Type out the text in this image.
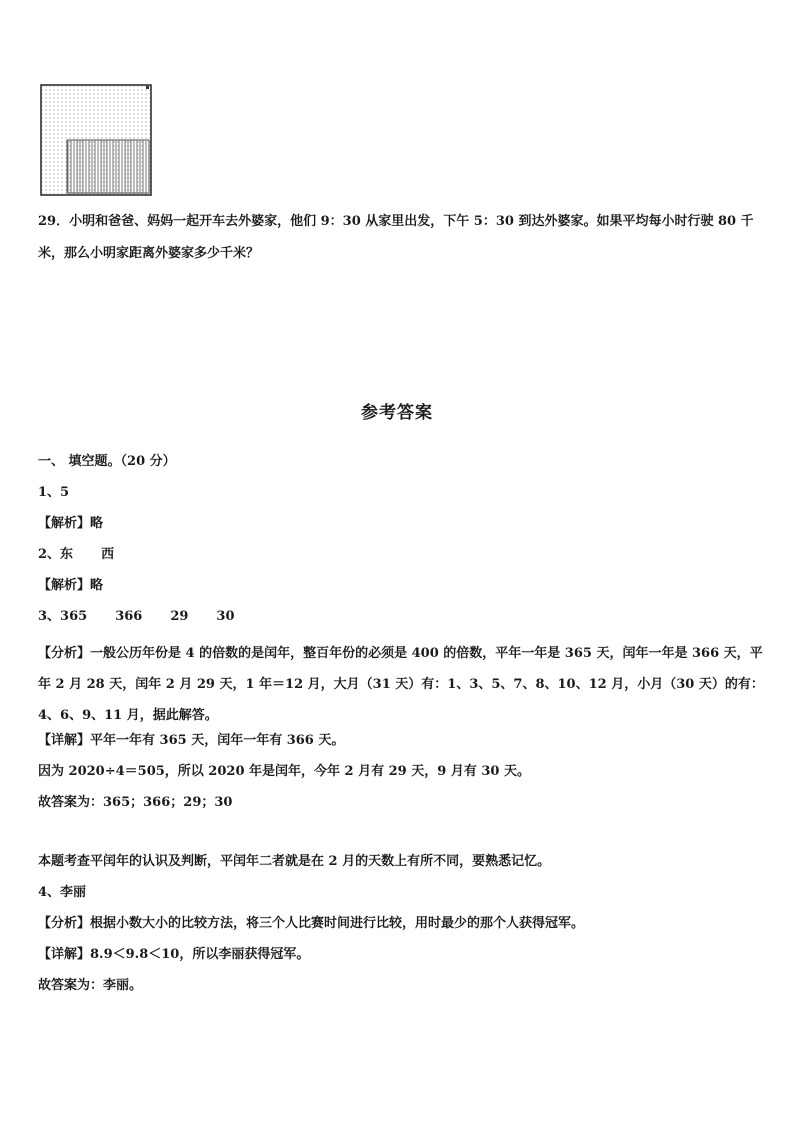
29．小明和爸爸、妈妈一起开车去外婆家，他们 9：30 从家里出发，下午 5：30 到达外婆家。如果平均每小时行驶 80 千米，那么小明家距离外婆家多少千米？
参考答案
一、 填空题。（20 分）
1、5
【解析】略
2、东 西
【解析】略
3、365 366 29 30
【分析】一般公历年份是 4 的倍数的是闰年，整百年份的必须是 400 的倍数，平年一年是 365 天，闰年一年是 366 天，平年 2 月 28 天，闰年 2 月 29 天，1 年＝12 月，大月（31 天）有：1、3、5、7、8、10、12 月，小月（30 天）的有：4、6、9、11 月，据此解答。
【详解】平年一年有 365 天，闰年一年有 366 天。
因为 2020÷4＝505，所以 2020 年是闰年，今年 2 月有 29 天，9 月有 30 天。
故答案为：365；366；29；30
本题考查平闰年的认识及判断，平闰年二者就是在 2 月的天数上有所不同，要熟悉记忆。
4、李丽
【分析】根据小数大小的比较方法，将三个人比赛时间进行比较，用时最少的那个人获得冠军。
【详解】8.9＜9.8＜10，所以李丽获得冠军。
故答案为：李丽。
